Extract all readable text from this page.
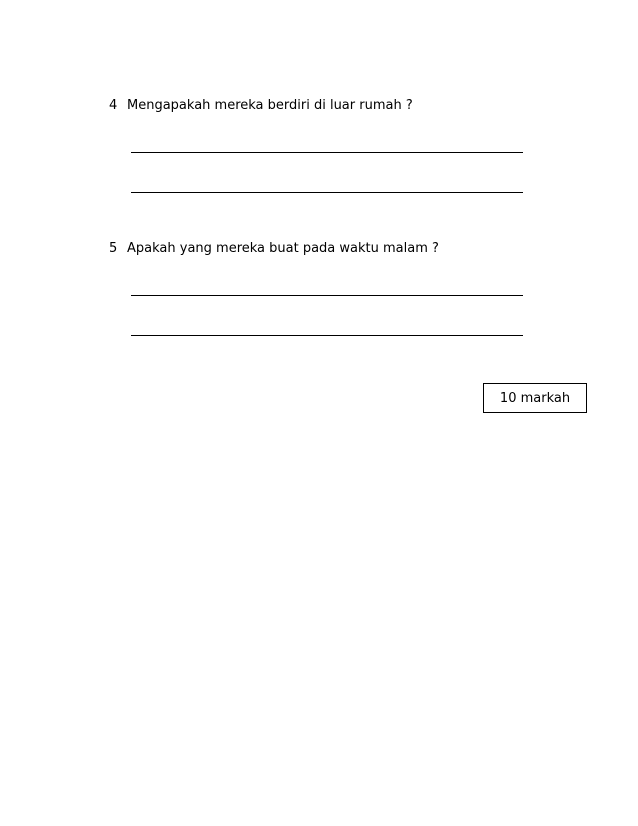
4 Mengapakah mereka berdiri di luar rumah ?
5 Apakah yang mereka buat pada waktu malam ?
10 markah
